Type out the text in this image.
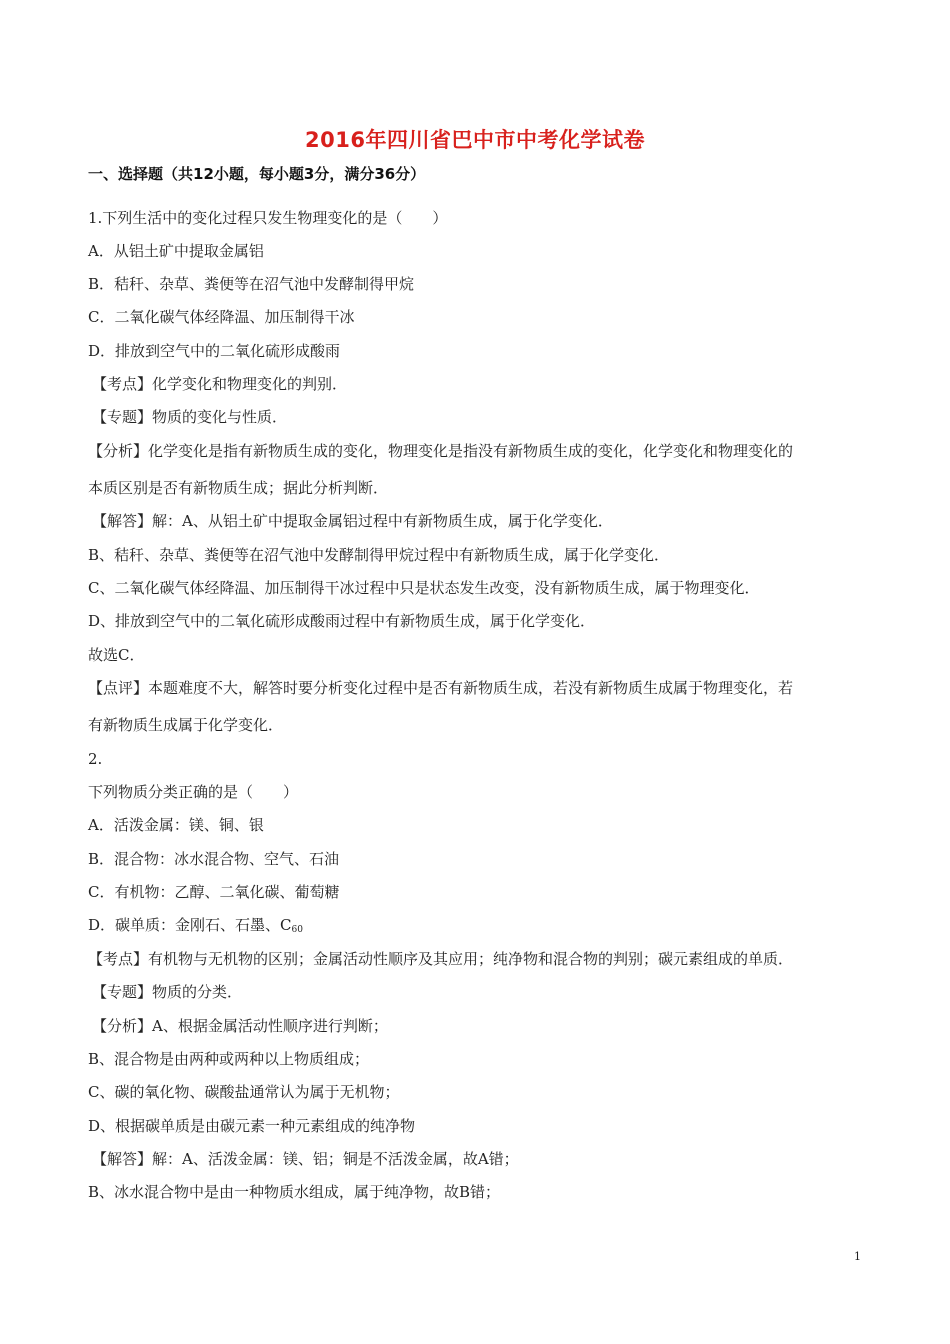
2016年四川省巴中市中考化学试卷
一、选择题（共12小题，每小题3分，满分36分）
1.下列生活中的变化过程只发生物理变化的是（　　）
A．从铝土矿中提取金属铝
B．秸秆、杂草、粪便等在沼气池中发酵制得甲烷
C．二氧化碳气体经降温、加压制得干冰
D．排放到空气中的二氧化硫形成酸雨
【考点】化学变化和物理变化的判别．
【专题】物质的变化与性质．
【分析】化学变化是指有新物质生成的变化，物理变化是指没有新物质生成的变化，化学变化和物理变化的
本质区别是否有新物质生成；据此分析判断．
【解答】解：A、从铝土矿中提取金属铝过程中有新物质生成，属于化学变化．
B、秸秆、杂草、粪便等在沼气池中发酵制得甲烷过程中有新物质生成，属于化学变化．
C、二氧化碳气体经降温、加压制得干冰过程中只是状态发生改变，没有新物质生成，属于物理变化．
D、排放到空气中的二氧化硫形成酸雨过程中有新物质生成，属于化学变化．
故选C．
【点评】本题难度不大，解答时要分析变化过程中是否有新物质生成，若没有新物质生成属于物理变化，若
有新物质生成属于化学变化．
2.
下列物质分类正确的是（　　）
A．活泼金属：镁、铜、银
B．混合物：冰水混合物、空气、石油
C．有机物：乙醇、二氧化碳、葡萄糖
D．碳单质：金刚石、石墨、$C_{60}$
【考点】有机物与无机物的区别；金属活动性顺序及其应用；纯净物和混合物的判别；碳元素组成的单质．
【专题】物质的分类．
【分析】A、根据金属活动性顺序进行判断；
B、混合物是由两种或两种以上物质组成；
C、碳的氧化物、碳酸盐通常认为属于无机物；
D、根据碳单质是由碳元素一种元素组成的纯净物
【解答】解：A、活泼金属：镁、铝；铜是不活泼金属，故A错；
B、冰水混合物中是由一种物质水组成，属于纯净物，故B错；
1
